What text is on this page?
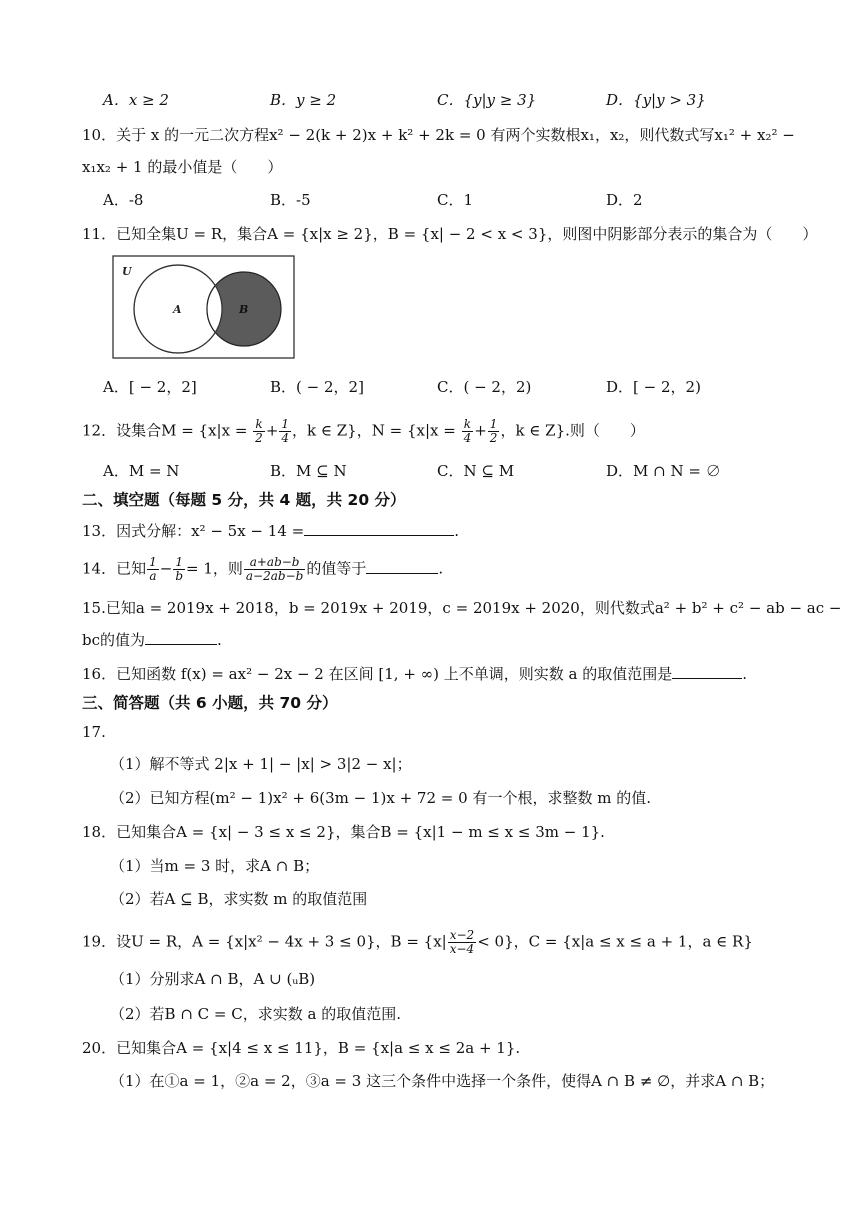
A．x ≥ 2	B．y ≥ 2	C．{y|y ≥ 3}	D．{y|y > 3}
10．关于 x 的一元二次方程x² − 2(k + 2)x + k² + 2k = 0 有两个实数根x₁，x₂，则代数式写x₁² + x₂² −
x₁x₂ + 1 的最小值是（　　）
A．-8	B．-5	C．1	D．2
11．已知全集U = R，集合A = {x|x ≥ 2}，B = {x| − 2 < x < 3}，则图中阴影部分表示的集合为（　　）
U
A	B
A．[ − 2，2]	B．( − 2，2]	C．( − 2，2)	D．[ − 2，2)
12．设集合$M = \{x|x = \frac{k}{2} + \frac{1}{4}$ ，k ∈ Z}，$N = \{x|x = \frac{k}{4} + \frac{1}{2}$ ，k ∈ Z}.则（　　）
A．M = N	B．M ⊆ N	C．N ⊆ M	D．M ∩ N = ∅
二、填空题（每题 5 分，共 4 题，共 20 分）
13．因式分解：x² − 5x − 14 =	.
14．已知 $\frac{1}{a} - \frac{1}{b} = 1$，则 $\frac{a+ab-b}{a-2ab-b}$ 的值等于	.
15.已知a = 2019x + 2018，b = 2019x + 2019，c = 2019x + 2020，则代数式a² + b² + c² − ab − ac −
bc的值为	.
16．已知函数 f(x) = ax² − 2x − 2 在区间 [1, + ∞) 上不单调，则实数 a 的取值范围是	.
三、简答题（共 6 小题，共 70 分）
17.
（1）解不等式 2|x + 1| − |x| > 3|2 − x|；
（2）已知方程(m² − 1)x² + 6(3m − 1)x + 72 = 0 有一个根，求整数 m 的值.
18．已知集合A = {x| − 3 ≤ x ≤ 2}，集合B = {x|1 − m ≤ x ≤ 3m − 1}.
（1）当m = 3 时，求A ∩ B；
（2）若A ⊆ B，求实数 m 的取值范围
19．设U = R，A = {x|x² − 4x + 3 ≤ 0}，$B = \{x| \frac{x-2}{x-4} < 0\}$，C = {x|a ≤ x ≤ a + 1，a ∈ R}
（1）分别求A ∩ B，A ∪ (ᵤB)
（2）若B ∩ C = C，求实数 a 的取值范围.
20．已知集合A = {x|4 ≤ x ≤ 11}，B = {x|a ≤ x ≤ 2a + 1}.
（1）在①a = 1，②a = 2，③a = 3 这三个条件中选择一个条件，使得A ∩ B ≠ ∅，并求A ∩ B；
